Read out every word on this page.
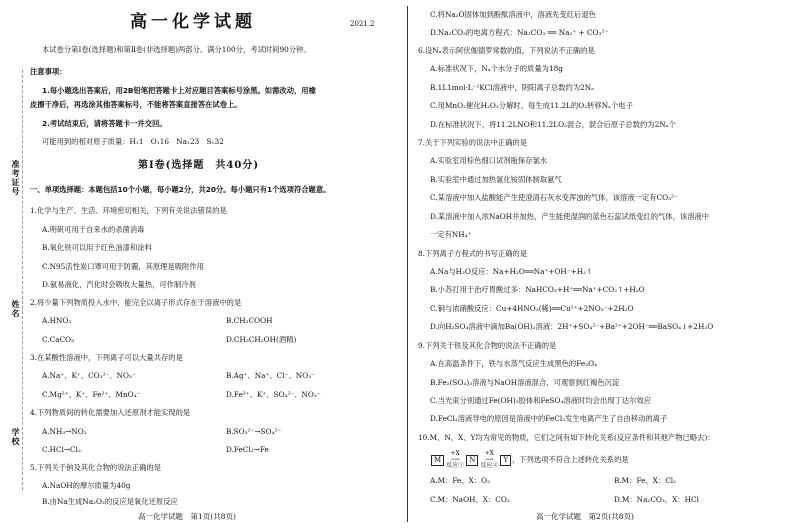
准考证号
姓名
学校
高一化学试题	2021.2
本试卷分第Ⅰ卷(选择题)和第Ⅱ卷(非选择题)两部分。满分100分，考试时间90分钟。
注意事项：
1.每小题选出答案后，用2B铅笔把答题卡上对应题目答案标号涂黑。如需改动，用橡
皮擦干净后，再选涂其他答案标号，不能将答案直接答在试卷上。
2.考试结束后，请将答题卡一并交回。
可能用到的相对原子质量：H₁1　O₁16　Na₁23　S₁32
第Ⅰ卷(选择题　共40分)
一、单项选择题：本题包括10个小题，每小题2分，共20分。每小题只有1个选项符合题意。
1.化学与生产、生活、环境密切相关，下列有关说法错误的是
A.明矾可用于自来水的杀菌消毒
B.氧化铁可以用于红色油漆和涂料
C.N95活性炭口罩可用于防霾，其原理是吸附作用
D.氨易液化，汽化时会吸收大量热，可作制冷剂
2.将少量下列物质投入水中，能完全以离子形式存在于溶液中的是
A.HNO₃	B.CH₃COOH
C.CaCO₃	D.CH₃CH₂OH(酒精)
3.在某酸性溶液中，下列离子可以大量共存的是
A.Na⁺、K⁺、CO₃²⁻、NO₃⁻	B.Ag⁺、Na⁺、Cl⁻、NO₃⁻
C.Mg²⁺、K⁺、Fe²⁺、MnO₄⁻	D.Fe³⁺、K⁺、SO₄²⁻、NO₃⁻
4.下列物质间的转化需要加入还原剂才能实现的是
A.NH₃→NO₂	B.SO₃²⁻→SO₄²⁻
C.HCl→Cl₂	D.FeCl₃→Fe
5.下列关于钠及其化合物的说法正确的是
A.NaOH的摩尔质量为40g
B.由Na生成Na₂O₂的反应是氧化还原反应
高一化学试题　第1页(共8页)
C.将Na₂O固体加到酚酞溶液中，溶液先变红后退色
D.Na₂CO₃的电离方程式：Na₂CO₃ ══ Na₂⁺ + CO₃²⁻
6.设Nₐ表示阿伏伽德罗常数的值，下列说法不正确的是
A.标准状况下，Nₐ个水分子的质量为18g
B.1L1mol·L⁻¹KCl溶液中，阴阳离子总数约为2Nₐ
C.用MnO₂催化H₂O₂分解时，每生成11.2L的O₂转移Nₐ个电子
D.在标准状况下，将11.2LNO和11.2LO₂混合，混合后原子总数约为2Nₐ个
7.关于下列实验的说法中正确的是
A.实验室用棕色细口试剂瓶保存氯水
B.实验室中通过加热氯化铵固体制取氨气
C.某溶液中加入盐酸能产生使澄清石灰水变浑浊的气体，该溶液一定有CO₃²⁻
D.某溶液中加入浓NaOH并加热，产生能使湿润的蓝色石蕊试纸变红的气体，该溶液中
一定有NH₄⁺
8.下列离子方程式的书写正确的是
A.Na与H₂O反应：Na+H₂O══Na⁺+OH⁻+H₂↑
B.小苏打用于治疗胃酸过多：NaHCO₃+H⁺══Na⁺+CO₂↑+H₂O
C.铜与浓硝酸反应：Cu+4HNO₃(稀)══Cu²⁺+2NO₃⁻+2H₂O
D.向H₂SO₄溶液中滴加Ba(OH)₂溶液：2H⁺+SO₄²⁻+Ba²⁺+2OH⁻══BaSO₄↓+2H₂O
9.下列关于铁及其化合物的说法不正确的是
A.在高温条件下，铁与水蒸气反应生成黑色的Fe₃O₄
B.Fe₂(SO₄)₃溶液与NaOH溶液混合，可观察到红褐色沉淀
C.当光束分别通过Fe(OH)₃胶体和FeSO₄溶液时均会出现丁达尔效应
D.FeCl₃溶液导电的原因是溶液中的FeCl₃发生电离产生了自由移动的离子
10.M、N、X、Y均为常见的物质，它们之间有如下转化关系(反应条件和其他产物已略去)：
M
+X
⟶
反应①
N
+X
⟶
反应②
Y ，下列选项不符合上述转化关系的是
A.M：Fe、X：O₂	B.M：Fe、X：Cl₂
C.M：NaOH、X：CO₂	D.M：Na₂CO₃、X：HCl
高一化学试题　第2页(共8页)
